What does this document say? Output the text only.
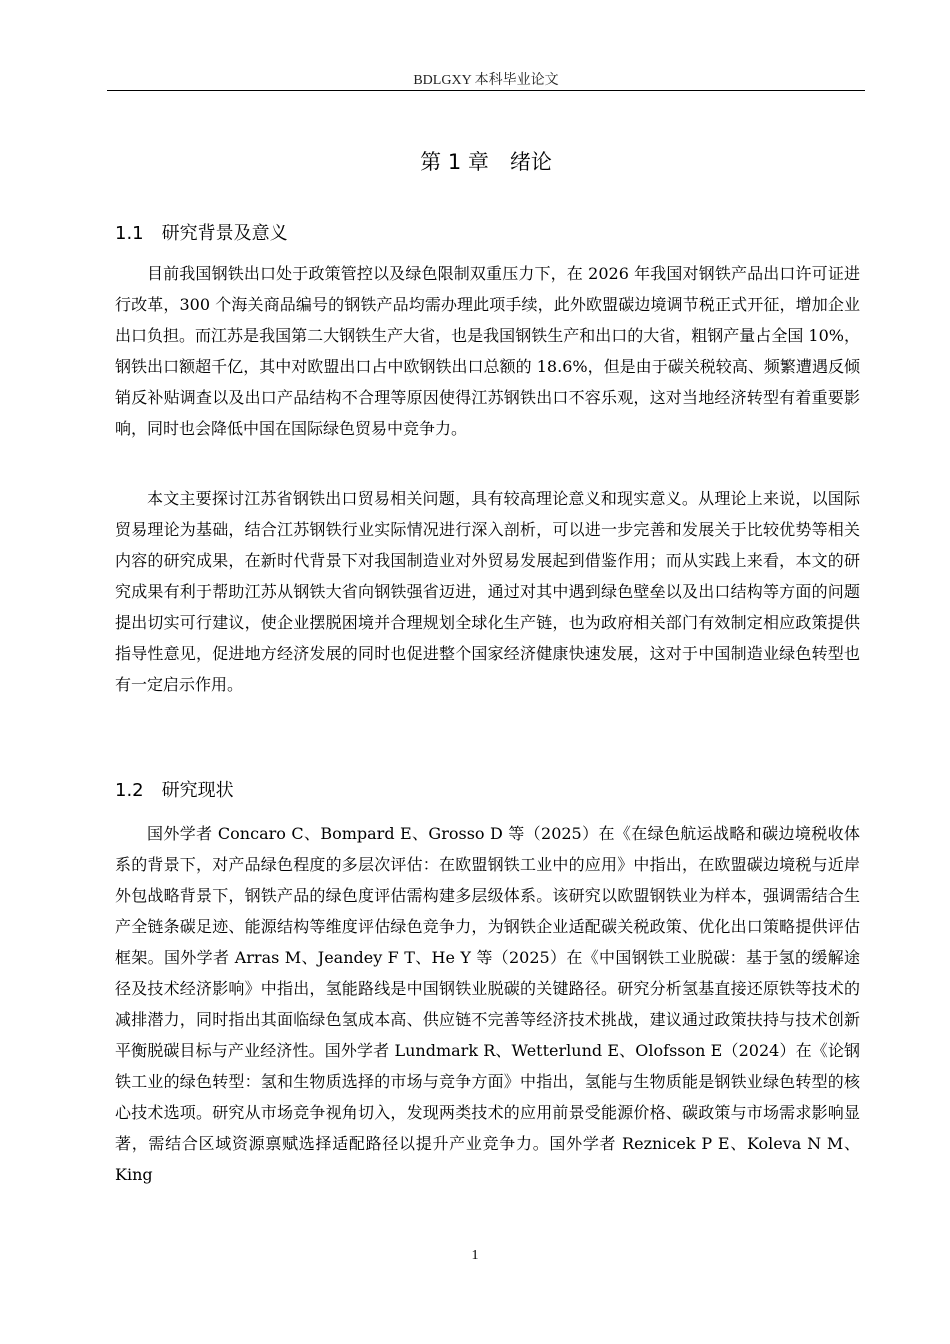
BDLGXY 本科毕业论文
第 1 章　绪论
1.1　研究背景及意义

目前我国钢铁出口处于政策管控以及绿色限制双重压力下，在 2026 年我国对钢铁产品出口许可证进行改革，300 个海关商品编号的钢铁产品均需办理此项手续，此外欧盟碳边境调节税正式开征，增加企业出口负担。而江苏是我国第二大钢铁生产大省，也是我国钢铁生产和出口的大省，粗钢产量占全国 10%，钢铁出口额超千亿，其中对欧盟出口占中欧钢铁出口总额的 18.6%，但是由于碳关税较高、频繁遭遇反倾销反补贴调查以及出口产品结构不合理等原因使得江苏钢铁出口不容乐观，这对当地经济转型有着重要影响，同时也会降低中国在国际绿色贸易中竞争力。

本文主要探讨江苏省钢铁出口贸易相关问题，具有较高理论意义和现实意义。从理论上来说，以国际贸易理论为基础，结合江苏钢铁行业实际情况进行深入剖析，可以进一步完善和发展关于比较优势等相关内容的研究成果，在新时代背景下对我国制造业对外贸易发展起到借鉴作用；而从实践上来看，本文的研究成果有利于帮助江苏从钢铁大省向钢铁强省迈进，通过对其中遇到绿色壁垒以及出口结构等方面的问题提出切实可行建议，使企业摆脱困境并合理规划全球化生产链，也为政府相关部门有效制定相应政策提供指导性意见，促进地方经济发展的同时也促进整个国家经济健康快速发展，这对于中国制造业绿色转型也有一定启示作用。

1.2　研究现状

国外学者 Concaro C、Bompard E、Grosso D 等（2025）在《在绿色航运战略和碳边境税收体系的背景下，对产品绿色程度的多层次评估：在欧盟钢铁工业中的应用》中指出，在欧盟碳边境税与近岸外包战略背景下，钢铁产品的绿色度评估需构建多层级体系。该研究以欧盟钢铁业为样本，强调需结合生产全链条碳足迹、能源结构等维度评估绿色竞争力，为钢铁企业适配碳关税政策、优化出口策略提供评估框架。国外学者 Arras M、Jeandey F T、He Y 等（2025）在《中国钢铁工业脱碳：基于氢的缓解途径及技术经济影响》中指出，氢能路线是中国钢铁业脱碳的关键路径。研究分析氢基直接还原铁等技术的减排潜力，同时指出其面临绿色氢成本高、供应链不完善等经济技术挑战，建议通过政策扶持与技术创新平衡脱碳目标与产业经济性。国外学者 Lundmark R、Wetterlund E、Olofsson E（2024）在《论钢铁工业的绿色转型：氢和生物质选择的市场与竞争方面》中指出，氢能与生物质能是钢铁业绿色转型的核心技术选项。研究从市场竞争视角切入，发现两类技术的应用前景受能源价格、碳政策与市场需求影响显著，需结合区域资源禀赋选择适配路径以提升产业竞争力。国外学者 Reznicek P E、Koleva N M、King

1
